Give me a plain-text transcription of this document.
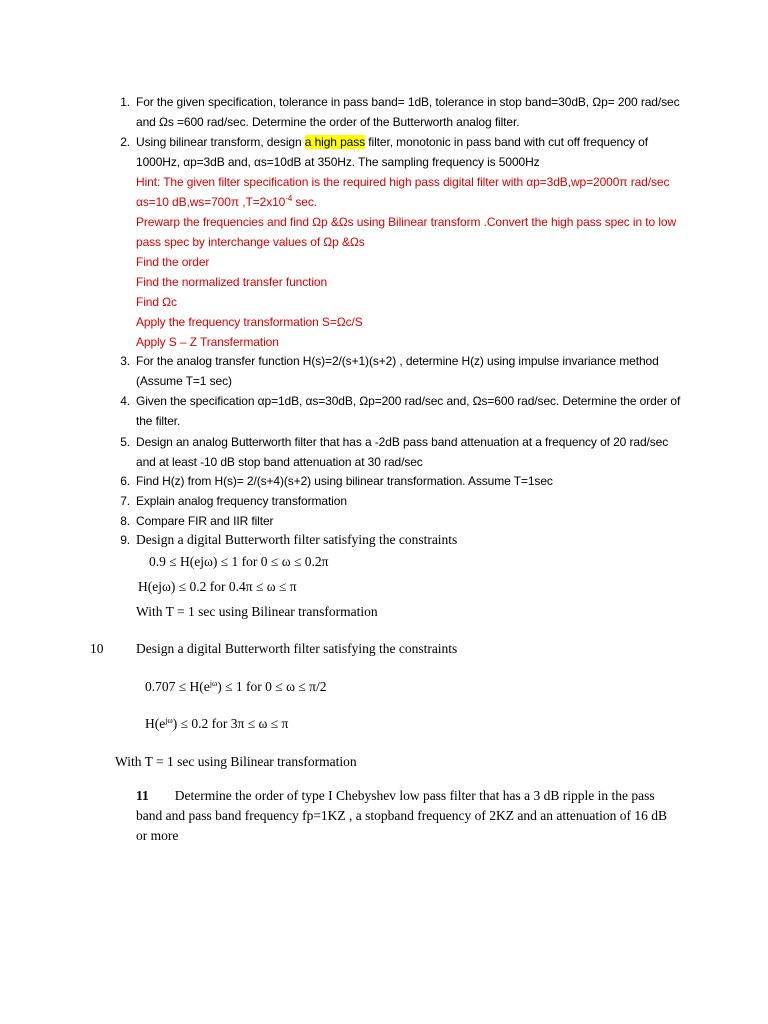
1. For the given specification, tolerance in pass band= 1dB, tolerance in stop band=30dB, Ωp= 200 rad/sec and Ωs =600 rad/sec. Determine the order of the Butterworth analog filter.
2. Using bilinear transform, design a high pass filter, monotonic in pass band with cut off frequency of 1000Hz, αp=3dB and, αs=10dB at 350Hz. The sampling frequency is 5000Hz
Hint: The given filter specification is the required high pass digital filter with αp=3dB,wp=2000π rad/sec αs=10 dB,ws=700π $,T=2x10^{-4}$ sec.
Prewarp the frequencies and find Ωp &Ωs using Bilinear transform .Convert the high pass spec in to low pass spec by interchange values of Ωp &Ωs
Find the order
Find the normalized transfer function
Find Ωc
Apply the frequency transformation S=Ωc/S
Apply S – Z Transfermation
3. For the analog transfer function H(s)=2/(s+1)(s+2) , determine H(z) using impulse invariance method (Assume T=1 sec)
4. Given the specification αp=1dB, αs=30dB, Ωp=200 rad/sec and, Ωs=600 rad/sec. Determine the order of the filter.
5. Design an analog Butterworth filter that has a -2dB pass band attenuation at a frequency of 20 rad/sec and at least -10 dB stop band attenuation at 30 rad/sec
6. Find H(z) from H(s)= 2/(s+4)(s+2) using bilinear transformation. Assume T=1sec
7. Explain analog frequency transformation
8. Compare FIR and IIR filter
9. Design a digital Butterworth filter satisfying the constraints
0.9 ≤ H(ejω) ≤ 1 for 0 ≤ ω ≤ 0.2π
H(ejω) ≤ 0.2 for 0.4π ≤ ω ≤ π
With T = 1 sec using Bilinear transformation
10 Design a digital Butterworth filter satisfying the constraints
$0.707 \le H(e^{j\omega}) \le 1$ for 0 ≤ ω ≤ π/2
$H(e^{j\omega}) \le 0.2$ for 3π ≤ ω ≤ π
With T = 1 sec using Bilinear transformation
11 Determine the order of type I Chebyshev low pass filter that has a 3 dB ripple in the pass band and pass band frequency fp=1KZ , a stopband frequency of 2KZ and an attenuation of 16 dB or more
